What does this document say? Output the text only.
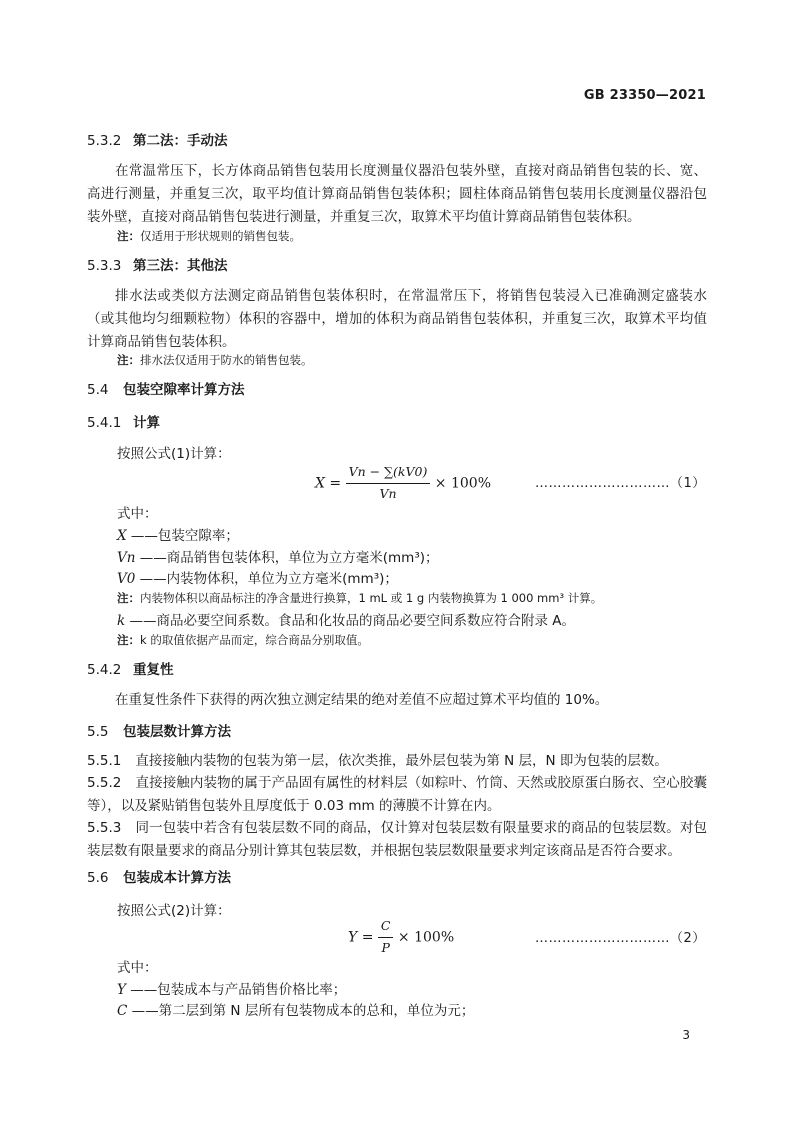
GB 23350—2021
5.3.2 第二法：手动法
在常温常压下，长方体商品销售包装用长度测量仪器沿包装外壁，直接对商品销售包装的长、宽、高进行测量，并重复三次，取平均值计算商品销售包装体积；圆柱体商品销售包装用长度测量仪器沿包装外壁，直接对商品销售包装进行测量，并重复三次，取算术平均值计算商品销售包装体积。
注：仅适用于形状规则的销售包装。
5.3.3 第三法：其他法
排水法或类似方法测定商品销售包装体积时，在常温常压下，将销售包装浸入已准确测定盛装水（或其他均匀细颗粒物）体积的容器中，增加的体积为商品销售包装体积，并重复三次，取算术平均值计算商品销售包装体积。
注：排水法仅适用于防水的销售包装。
5.4 包装空隙率计算方法
5.4.1 计算
按照公式(1)计算：
$X = \frac{Vn - \sum(kV0)}{Vn} \times 100\%$	…………………………（1）
式中：
X ——包装空隙率；
Vn ——商品销售包装体积，单位为立方毫米(mm³)；
V0 ——内装物体积，单位为立方毫米(mm³)；
注：内装物体积以商品标注的净含量进行换算，1 mL 或 1 g 内装物换算为 1 000 mm³ 计算。
k ——商品必要空间系数。食品和化妆品的商品必要空间系数应符合附录 A。
注：k 的取值依据产品而定，综合商品分别取值。
5.4.2 重复性
在重复性条件下获得的两次独立测定结果的绝对差值不应超过算术平均值的 10%。
5.5 包装层数计算方法
5.5.1 直接接触内装物的包装为第一层，依次类推，最外层包装为第 N 层，N 即为包装的层数。
5.5.2 直接接触内装物的属于产品固有属性的材料层（如粽叶、竹筒、天然或胶原蛋白肠衣、空心胶囊等），以及紧贴销售包装外且厚度低于 0.03 mm 的薄膜不计算在内。
5.5.3 同一包装中若含有包装层数不同的商品，仅计算对包装层数有限量要求的商品的包装层数。对包装层数有限量要求的商品分别计算其包装层数，并根据包装层数限量要求判定该商品是否符合要求。
5.6 包装成本计算方法
按照公式(2)计算：
$Y = \frac{C}{P} \times 100\%$	…………………………（2）
式中：
Y ——包装成本与产品销售价格比率；
C ——第二层到第 N 层所有包装物成本的总和，单位为元；
3
